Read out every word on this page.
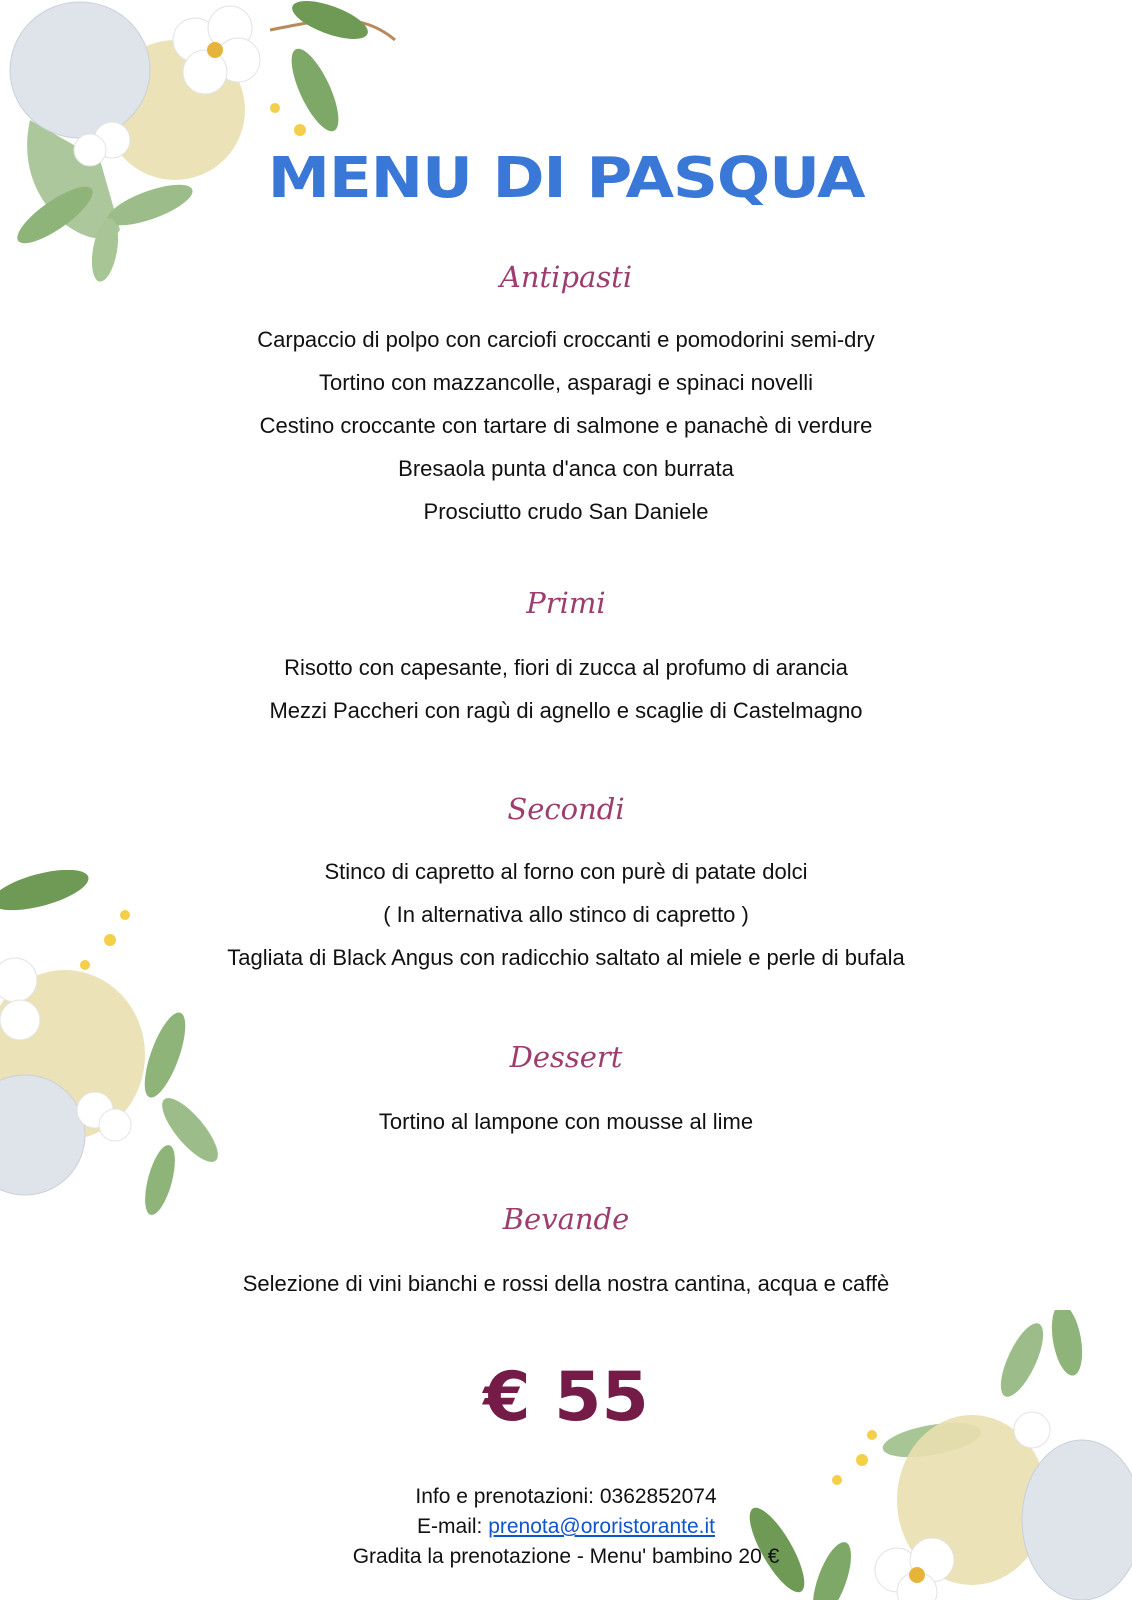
MENU DI PASQUA
Antipasti
Carpaccio di polpo con carciofi croccanti e pomodorini semi-dry
Tortino con mazzancolle, asparagi e spinaci novelli
Cestino croccante con tartare di salmone e panachè di verdure
Bresaola punta d'anca con burrata
Prosciutto crudo San Daniele
Primi
Risotto con capesante, fiori di zucca al profumo di arancia
Mezzi Paccheri con ragù di agnello e scaglie di Castelmagno
Secondi
Stinco di capretto al forno con purè di patate dolci
( In alternativa allo stinco di capretto )
Tagliata di Black Angus con radicchio saltato al miele e perle di bufala
Dessert
Tortino al lampone con mousse al lime
Bevande
Selezione di vini bianchi e rossi della nostra cantina, acqua e caffè
€ 55
Info e prenotazioni: 0362852074
E-mail: prenota@ororistorante.it
Gradita la prenotazione - Menu' bambino 20 €
